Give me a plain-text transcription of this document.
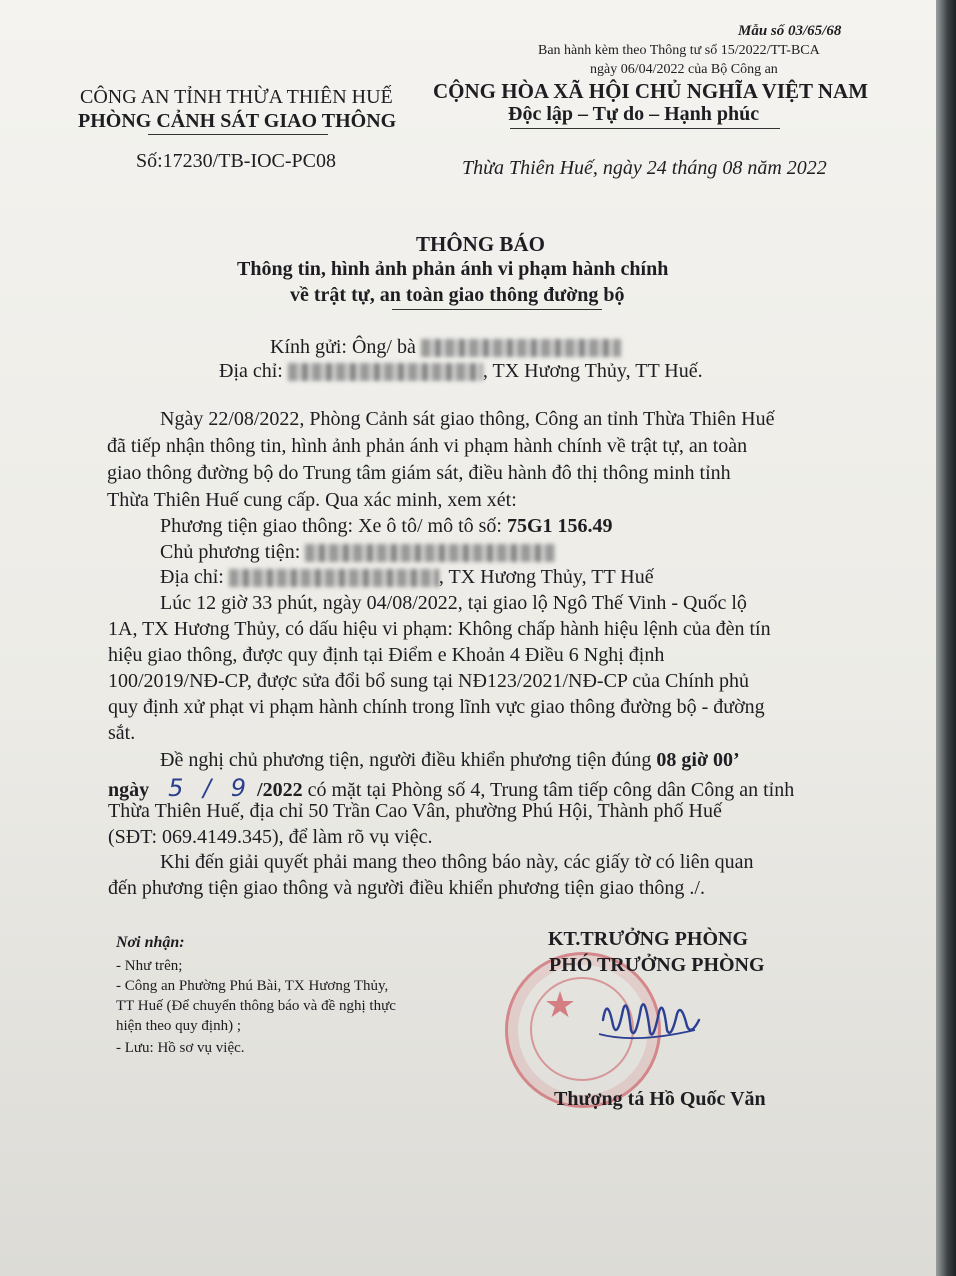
Mẫu số 03/65/68
Ban hành kèm theo Thông tư số 15/2022/TT-BCA
ngày 06/04/2022 của Bộ Công an
CÔNG AN TỈNH THỪA THIÊN HUẾ
PHÒNG CẢNH SÁT GIAO THÔNG
Số:17230/TB-IOC-PC08
CỘNG HÒA XÃ HỘI CHỦ NGHĨA VIỆT NAM
Độc lập – Tự do – Hạnh phúc
Thừa Thiên Huế, ngày 24 tháng 08 năm 2022
THÔNG BÁO
Thông tin, hình ảnh phản ánh vi phạm hành chính
về trật tự, an toàn giao thông đường bộ
Kính gửi: Ông/ bà
Địa chỉ:	, TX Hương Thủy, TT Huế.
Ngày 22/08/2022, Phòng Cảnh sát giao thông, Công an tỉnh Thừa Thiên Huế
đã tiếp nhận thông tin, hình ảnh phản ánh vi phạm hành chính về trật tự, an toàn
giao thông đường bộ do Trung tâm giám sát, điều hành đô thị thông minh tỉnh
Thừa Thiên Huế cung cấp. Qua xác minh, xem xét:
Phương tiện giao thông: Xe ô tô/ mô tô số: 75G1 156.49
Chủ phương tiện:
Địa chỉ:	, TX Hương Thủy, TT Huế
Lúc 12 giờ 33 phút, ngày 04/08/2022, tại giao lộ Ngô Thế Vinh - Quốc lộ
1A, TX Hương Thủy, có dấu hiệu vi phạm: Không chấp hành hiệu lệnh của đèn tín
hiệu giao thông, được quy định tại Điểm e Khoản 4 Điều 6 Nghị định
100/2019/NĐ-CP, được sửa đổi bổ sung tại NĐ123/2021/NĐ-CP của Chính phủ
quy định xử phạt vi phạm hành chính trong lĩnh vực giao thông đường bộ - đường
sắt.
Đề nghị chủ phương tiện, người điều khiển phương tiện đúng 08 giờ 00’
ngày 5 / 9 /2022 có mặt tại Phòng số 4, Trung tâm tiếp công dân Công an tỉnh
Thừa Thiên Huế, địa chỉ 50 Trần Cao Vân, phường Phú Hội, Thành phố Huế
(SĐT: 069.4149.345), để làm rõ vụ việc.
Khi đến giải quyết phải mang theo thông báo này, các giấy tờ có liên quan
đến phương tiện giao thông và người điều khiển phương tiện giao thông ./.
Nơi nhận:
- Như trên;
- Công an Phường Phú Bài, TX Hương Thủy,
TT Huế (Để chuyển thông báo và đề nghị thực
hiện theo quy định) ;
- Lưu: Hồ sơ vụ việc.
★
KT.TRƯỞNG PHÒNG
PHÓ TRƯỞNG PHÒNG
Thượng tá Hồ Quốc Văn
